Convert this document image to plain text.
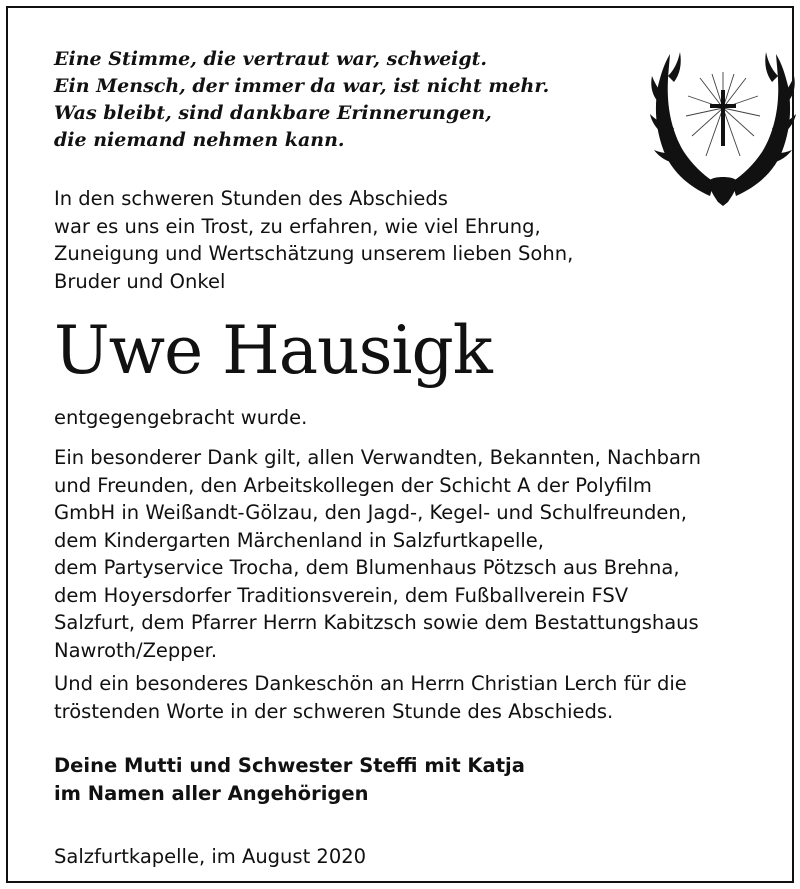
Eine Stimme, die vertraut war, schweigt.
Ein Mensch, der immer da war, ist nicht mehr.
Was bleibt, sind dankbare Erinnerungen,
die niemand nehmen kann.
In den schweren Stunden des Abschieds
war es uns ein Trost, zu erfahren, wie viel Ehrung,
Zuneigung und Wertschätzung unserem lieben Sohn,
Bruder und Onkel
Uwe Hausigk
entgegengebracht wurde.
Ein besonderer Dank gilt, allen Verwandten, Bekannten, Nachbarn
und Freunden, den Arbeitskollegen der Schicht A der Polyfilm
GmbH in Weißandt-Gölzau, den Jagd-, Kegel- und Schulfreunden,
dem Kindergarten Märchenland in Salzfurtkapelle,
dem Partyservice Trocha, dem Blumenhaus Pötzsch aus Brehna,
dem Hoyersdorfer Traditionsverein, dem Fußballverein FSV
Salzfurt, dem Pfarrer Herrn Kabitzsch sowie dem Bestattungshaus
Nawroth/Zepper.
Und ein besonderes Dankeschön an Herrn Christian Lerch für die
tröstenden Worte in der schweren Stunde des Abschieds.
Deine Mutti und Schwester Steffi mit Katja
im Namen aller Angehörigen
Salzfurtkapelle, im August 2020
